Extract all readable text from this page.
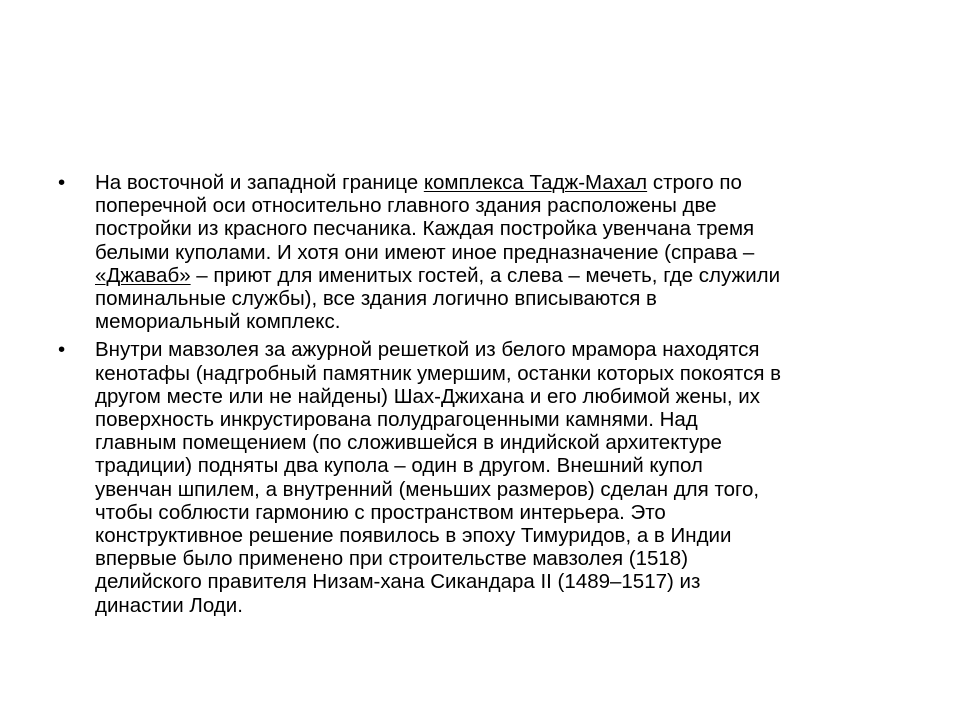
•	На восточной и западной границе комплекса Тадж-Махал строго по
поперечной оси относительно главного здания расположены две
постройки из красного песчаника. Каждая постройка увенчана тремя
белыми куполами. И хотя они имеют иное предназначение (справа –
«Джаваб» – приют для именитых гостей, а слева – мечеть, где служили
поминальные службы), все здания логично вписываются в
мемориальный комплекс.
•	Внутри мавзолея за ажурной решеткой из белого мрамора находятся
кенотафы (надгробный памятник умершим, останки которых покоятся в
другом месте или не найдены) Шах-Джихана и его любимой жены, их
поверхность инкрустирована полудрагоценными камнями. Над
главным помещением (по сложившейся в индийской архитектуре
традиции) подняты два купола – один в другом. Внешний купол
увенчан шпилем, а внутренний (меньших размеров) сделан для того,
чтобы соблюсти гармонию с пространством интерьера. Это
конструктивное решение появилось в эпоху Тимуридов, а в Индии
впервые было применено при строительстве мавзолея (1518)
делийского правителя Низам-хана Сикандара II (1489–1517) из
династии Лоди.
